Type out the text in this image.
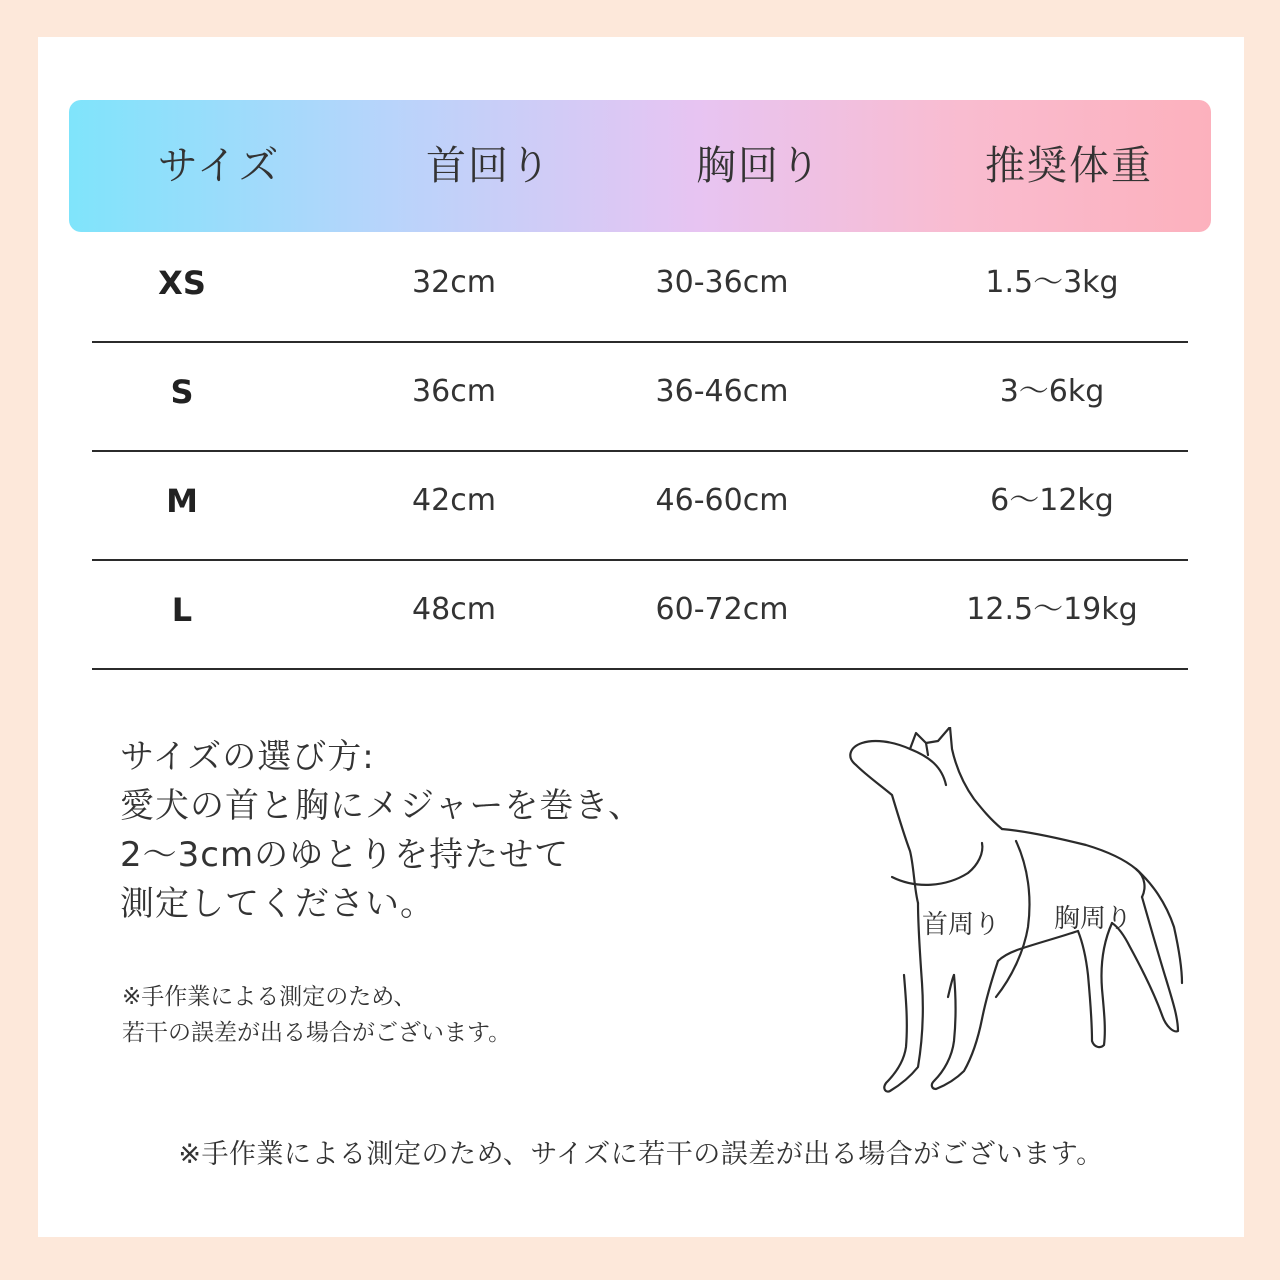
サイズ	首回り	胸回り	推奨体重
XS	32cm	30-36cm	1.5〜3kg
S	36cm	36-46cm	3〜6kg
M	42cm	46-60cm	6〜12kg
L	48cm	60-72cm	12.5〜19kg
サイズの選び方:
愛犬の首と胸にメジャーを巻き、
2〜3cmのゆとりを持たせて
測定してください。
※手作業による測定のため、
若干の誤差が出る場合がございます。
首周り 胸周り
※手作業による測定のため、サイズに若干の誤差が出る場合がございます。
